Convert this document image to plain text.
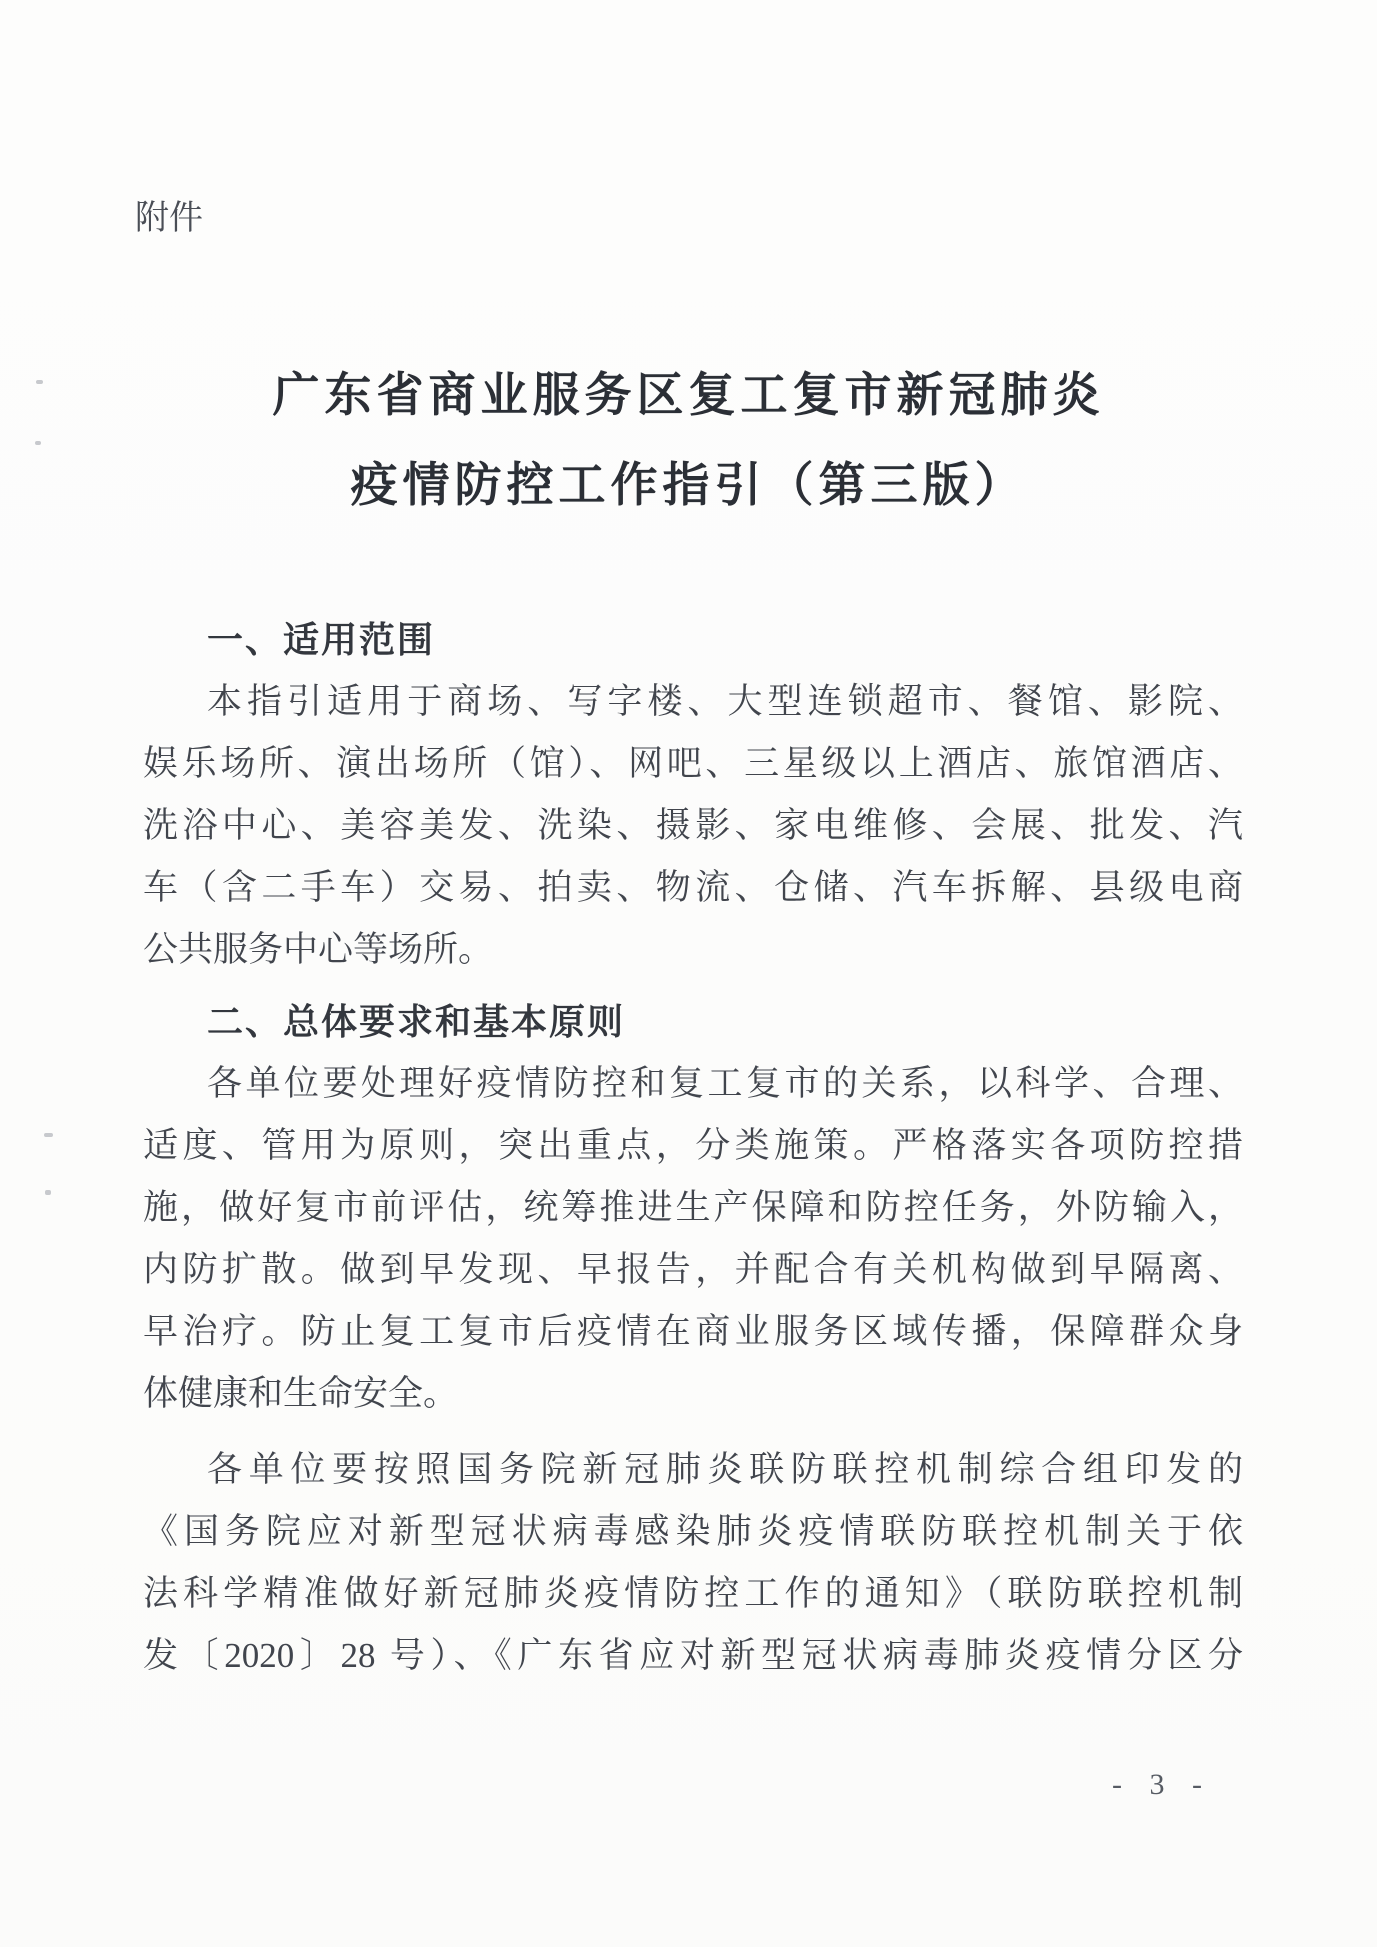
附件
广东省商业服务区复工复市新冠肺炎
疫情防控工作指引（第三版）
一、适用范围
本指引适用于商场、写字楼、大型连锁超市、餐馆、影院、
娱乐场所、演出场所（馆）、网吧、三星级以上酒店、旅馆酒店、
洗浴中心、美容美发、洗染、摄影、家电维修、会展、批发、汽
车（含二手车）交易、拍卖、物流、仓储、汽车拆解、县级电商
公共服务中心等场所。
二、总体要求和基本原则
各单位要处理好疫情防控和复工复市的关系，以科学、合理、
适度、管用为原则，突出重点，分类施策。严格落实各项防控措
施，做好复市前评估，统筹推进生产保障和防控任务，外防输入，
内防扩散。做到早发现、早报告，并配合有关机构做到早隔离、
早治疗。防止复工复市后疫情在商业服务区域传播，保障群众身
体健康和生命安全。
各单位要按照国务院新冠肺炎联防联控机制综合组印发的
《国务院应对新型冠状病毒感染肺炎疫情联防联控机制关于依
法科学精准做好新冠肺炎疫情防控工作的通知》（联防联控机制
发〔2020〕28 号）、《广东省应对新型冠状病毒肺炎疫情分区分
- 3 -
